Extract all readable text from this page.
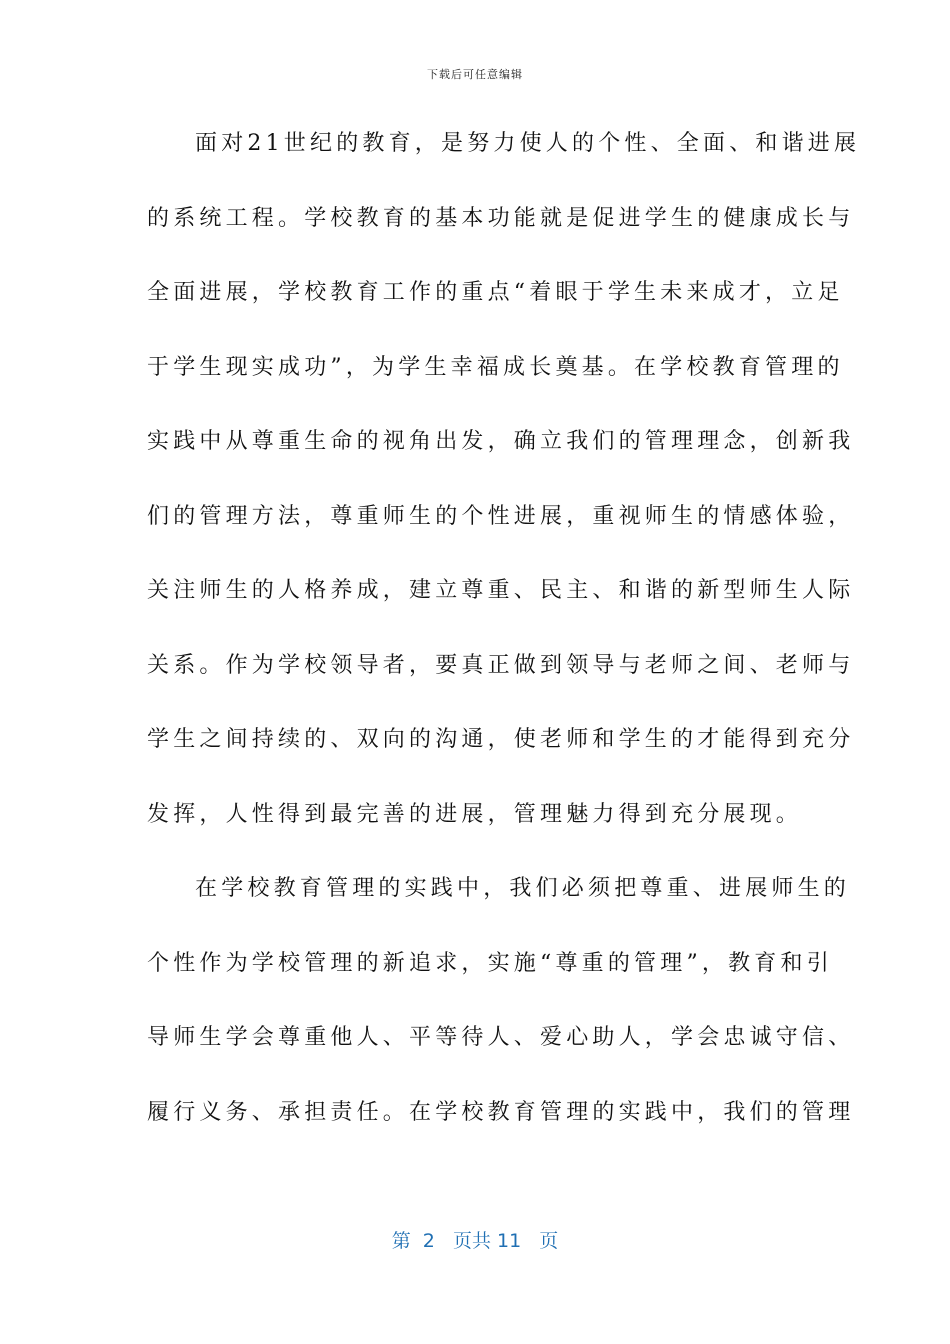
下载后可任意编辑
面对21世纪的教育，是努力使人的个性、全面、和谐进展
的系统工程。学校教育的基本功能就是促进学生的健康成长与
全面进展，学校教育工作的重点“着眼于学生未来成才，立足
于学生现实成功”，为学生幸福成长奠基。在学校教育管理的
实践中从尊重生命的视角出发，确立我们的管理理念，创新我
们的管理方法，尊重师生的个性进展，重视师生的情感体验，
关注师生的人格养成，建立尊重、民主、和谐的新型师生人际
关系。作为学校领导者，要真正做到领导与老师之间、老师与
学生之间持续的、双向的沟通，使老师和学生的才能得到充分
发挥，人性得到最完善的进展，管理魅力得到充分展现。
在学校教育管理的实践中，我们必须把尊重、进展师生的
个性作为学校管理的新追求，实施“尊重的管理”，教育和引
导师生学会尊重他人、平等待人、爱心助人，学会忠诚守信、
履行义务、承担责任。在学校教育管理的实践中，我们的管理
第  2   页共 11   页
